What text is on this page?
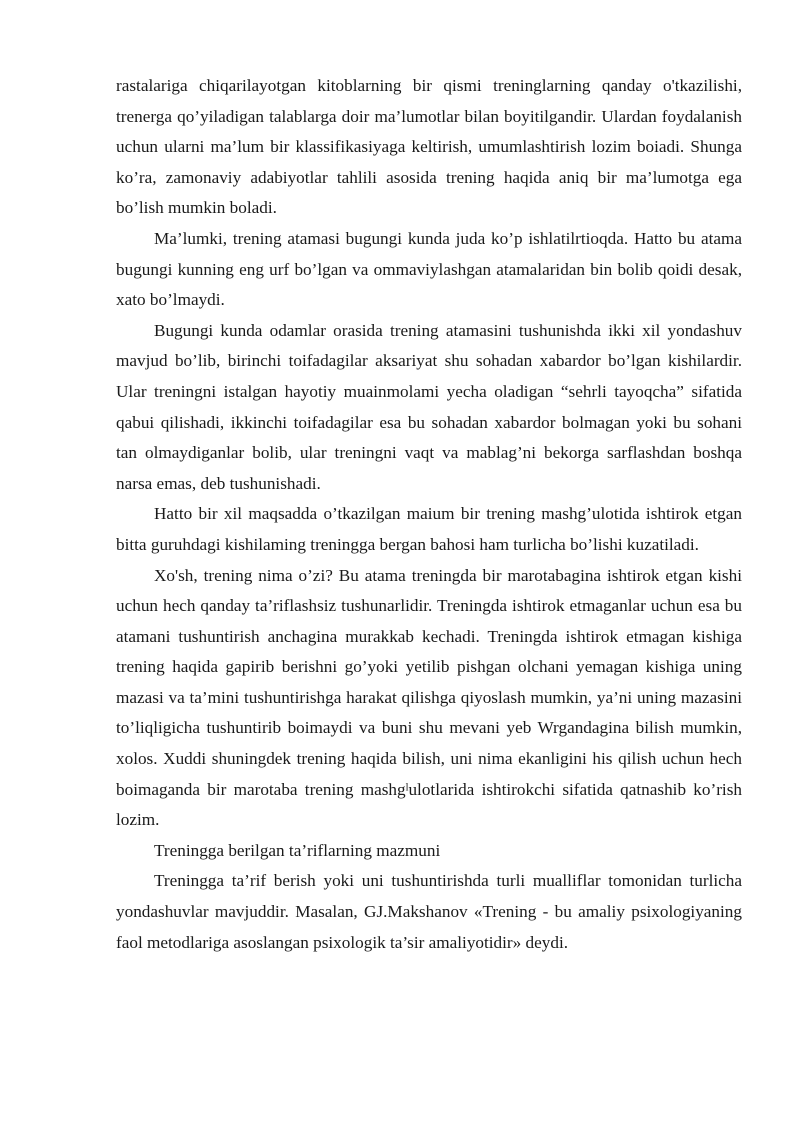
rastalariga chiqarilayotgan kitoblarning bir qismi treninglarning qanday o'tkazilishi, trenerga qo’yiladigan talablarga doir ma’lumotlar bilan boyitilgandir. Ulardan foydalanish uchun ularni ma’lum bir klassifikasiyaga keltirish, umumlashtirish lozim boiadi. Shunga ko’ra, zamonaviy adabiyotlar tahlili asosida trening haqida aniq bir ma’lumotga ega bo’lish mumkin boladi.

Ma’lumki, trening atamasi bugungi kunda juda ko’p ishlatilrtioqda. Hatto bu atama bugungi kunning eng urf bo’lgan va ommaviylashgan atamalaridan bin bolib qoidi desak, xato bo’lmaydi.

Bugungi kunda odamlar orasida trening atamasini tushunishda ikki xil yondashuv mavjud bo’lib, birinchi toifadagilar aksariyat shu sohadan xabardor bo’lgan kishilardir. Ular treningni istalgan hayotiy muainmolami yecha oladigan “sehrli tayoqcha” sifatida qabui qilishadi, ikkinchi toifadagilar esa bu sohadan xabardor bolmagan yoki bu sohani tan olmaydiganlar bolib, ular treningni vaqt va mablag’ni bekorga sarflashdan boshqa narsa emas, deb tushunishadi.

Hatto bir xil maqsadda o’tkazilgan maium bir trening mashg’ulotida ishtirok etgan bitta guruhdagi kishilaming treningga bergan bahosi ham turlicha bo’lishi kuzatiladi.

Xo'sh, trening nima o’zi? Bu atama treningda bir marotabagina ishtirok etgan kishi uchun hech qanday ta’riflashsiz tushunarlidir. Treningda ishtirok etmaganlar uchun esa bu atamani tushuntirish anchagina murakkab kechadi. Treningda ishtirok etmagan kishiga trening haqida gapirib berishni go’yoki yetilib pishgan olchani yemagan kishiga uning mazasi va ta’mini tushuntirishga harakat qilishga qiyoslash mumkin, ya’ni uning mazasini to’liqligicha tushuntirib boimaydi va buni shu mevani yeb Wrgandagina bilish mumkin, xolos. Xuddi shuningdek trening haqida bilish, uni nima ekanligini his qilish uchun hech boimaganda bir marotaba trening mashgˡulotlarida ishtirokchi sifatida qatnashib ko’rish lozim.

Treningga berilgan ta’riflarning mazmuni

Treningga ta’rif berish yoki uni tushuntirishda turli mualliflar tomonidan turlicha yondashuvlar mavjuddir. Masalan, GJ.Makshanov «Trening - bu amaliy psixologiyaning faol metodlariga asoslangan psixologik ta’sir amaliyotidir» deydi.
